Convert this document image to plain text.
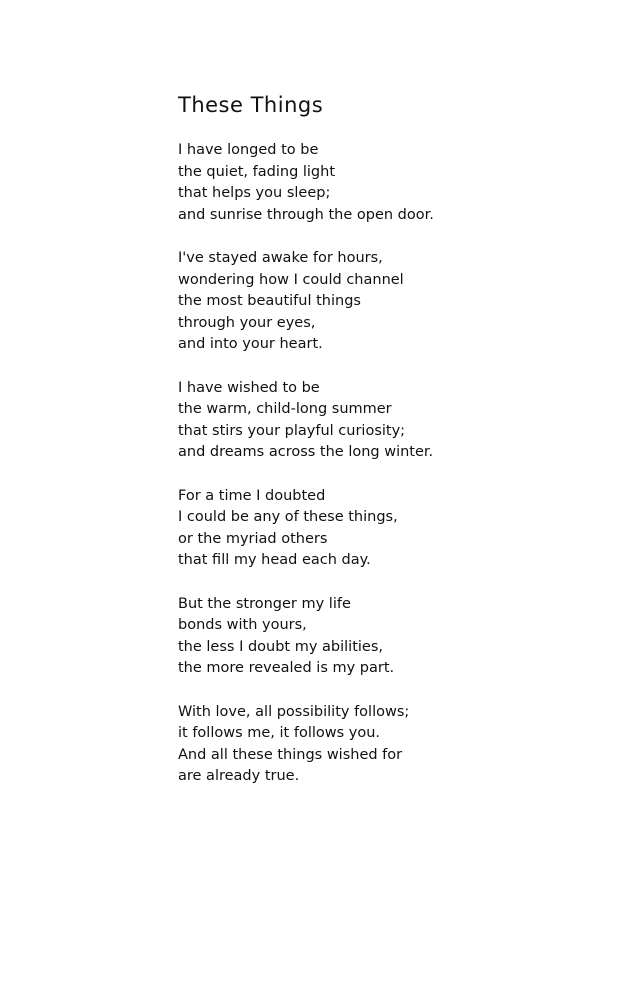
These Things
I have longed to be
the quiet, fading light
that helps you sleep;
and sunrise through the open door.
I've stayed awake for hours,
wondering how I could channel
the most beautiful things
through your eyes,
and into your heart.
I have wished to be
the warm, child-long summer
that stirs your playful curiosity;
and dreams across the long winter.
For a time I doubted
I could be any of these things,
or the myriad others
that fill my head each day.
But the stronger my life
bonds with yours,
the less I doubt my abilities,
the more revealed is my part.
With love, all possibility follows;
it follows me, it follows you.
And all these things wished for
are already true.
